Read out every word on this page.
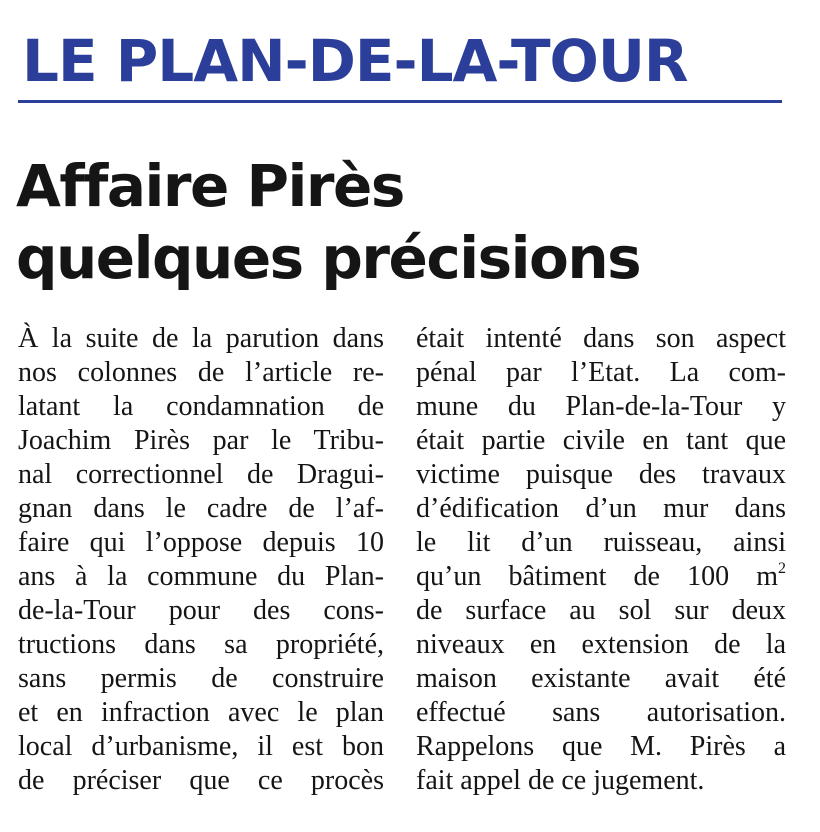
LE PLAN-DE-LA-TOUR
Affaire Pirès
quelques précisions
À la suite de la parution dans
nos colonnes de l’article re-
latant la condamnation de
Joachim Pirès par le Tribu-
nal correctionnel de Dragui-
gnan dans le cadre de l’af-
faire qui l’oppose depuis 10
ans à la commune du Plan-
de-la-Tour pour des cons-
tructions dans sa propriété,
sans permis de construire
et en infraction avec le plan
local d’urbanisme, il est bon
de préciser que ce procès
était intenté dans son aspect
pénal par l’Etat. La com-
mune du Plan-de-la-Tour y
était partie civile en tant que
victime puisque des travaux
d’édification d’un mur dans
le lit d’un ruisseau, ainsi
qu’un bâtiment de 100 $m^2$
de surface au sol sur deux
niveaux en extension de la
maison existante avait été
effectué sans autorisation.
Rappelons que M. Pirès a
fait appel de ce jugement.
